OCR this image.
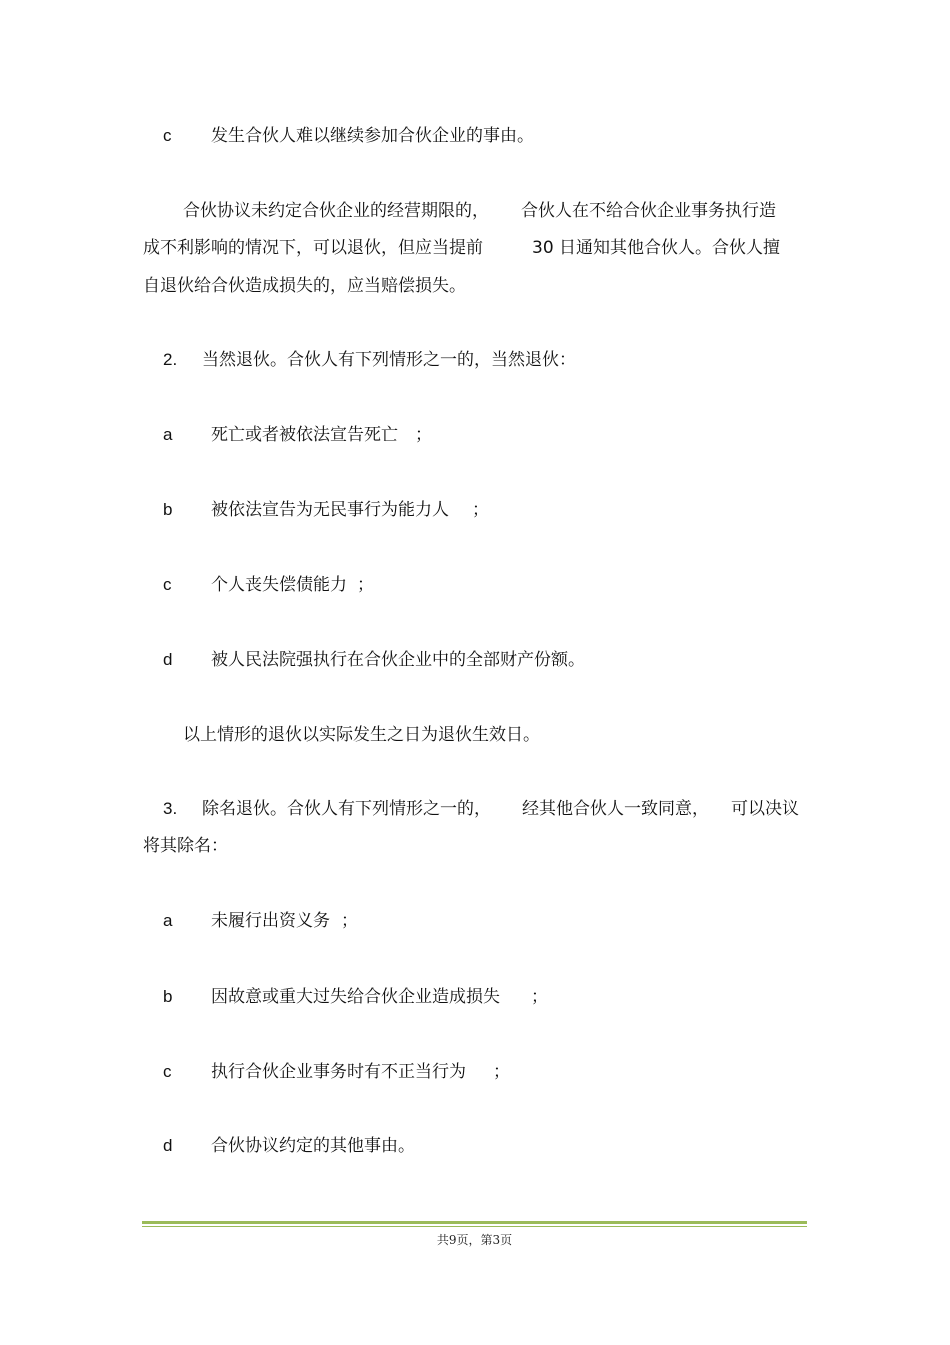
c 发生合伙人难以继续参加合伙企业的事由。
合伙协议未约定合伙企业的经营期限的， 合伙人在不给合伙企业事务执行造
成不利影响的情况下，可以退伙，但应当提前	30 日通知其他合伙人。合伙人擅
自退伙给合伙造成损失的，应当赔偿损失。
2. 当然退伙。合伙人有下列情形之一的，当然退伙：
a 死亡或者被依法宣告死亡 ；
b 被依法宣告为无民事行为能力人 ；
c 个人丧失偿债能力 ；
d 被人民法院强执行在合伙企业中的全部财产份额。
以上情形的退伙以实际发生之日为退伙生效日。
3. 除名退伙。合伙人有下列情形之一的， 经其他合伙人一致同意， 可以决议
将其除名：
a 未履行出资义务 ；
b 因故意或重大过失给合伙企业造成损失 ；
c 执行合伙企业事务时有不正当行为 ；
d 合伙协议约定的其他事由。
共9页，第3页
